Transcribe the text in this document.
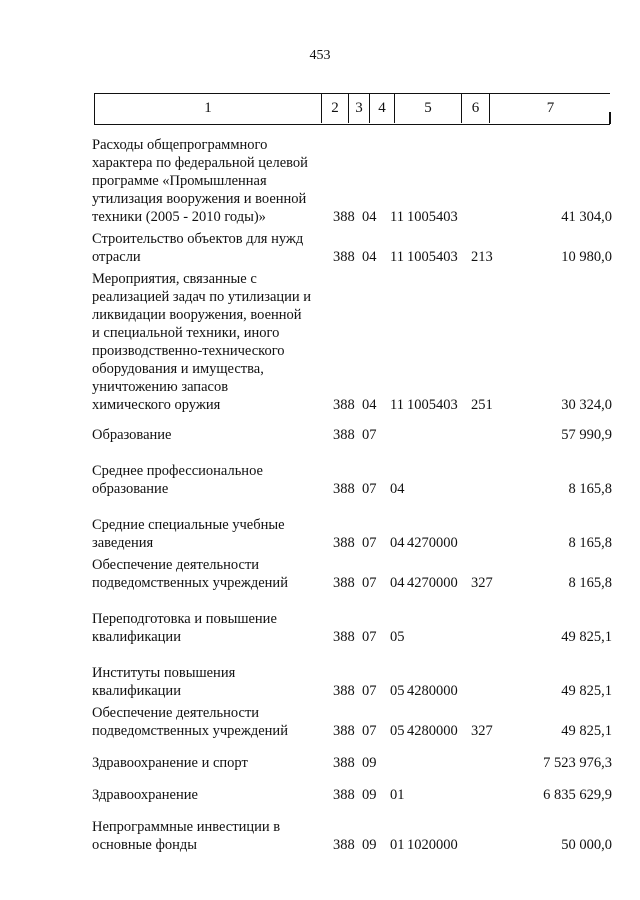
453
1	2	3	4	5	6	7
Расходы общепрограммного
характера по федеральной целевой
программе «Промышленная
утилизация вооружения и военной
техники (2005 - 2010 годы)»	388 04 11 1005403	41 304,0
Строительство объектов для нужд
отрасли	388 04 11 1005403 213	10 980,0
Мероприятия, связанные с
реализацией задач по утилизации и
ликвидации вооружения, военной
и специальной техники, иного
производственно-технического
оборудования и имущества,
уничтожению запасов
химического оружия	388 04 11 1005403 251	30 324,0
Образование	388 07	57 990,9
Среднее профессиональное
образование	388 07 04	8 165,8
Средние специальные учебные
заведения	388 07 04 4270000	8 165,8
Обеспечение деятельности
подведомственных учреждений	388 07 04 4270000 327	8 165,8
Переподготовка и повышение
квалификации	388 07 05	49 825,1
Институты повышения
квалификации	388 07 05 4280000	49 825,1
Обеспечение деятельности
подведомственных учреждений	388 07 05 4280000 327	49 825,1
Здравоохранение и спорт	388 09	7 523 976,3
Здравоохранение	388 09 01	6 835 629,9
Непрограммные инвестиции в
основные фонды	388 09 01 1020000	50 000,0
